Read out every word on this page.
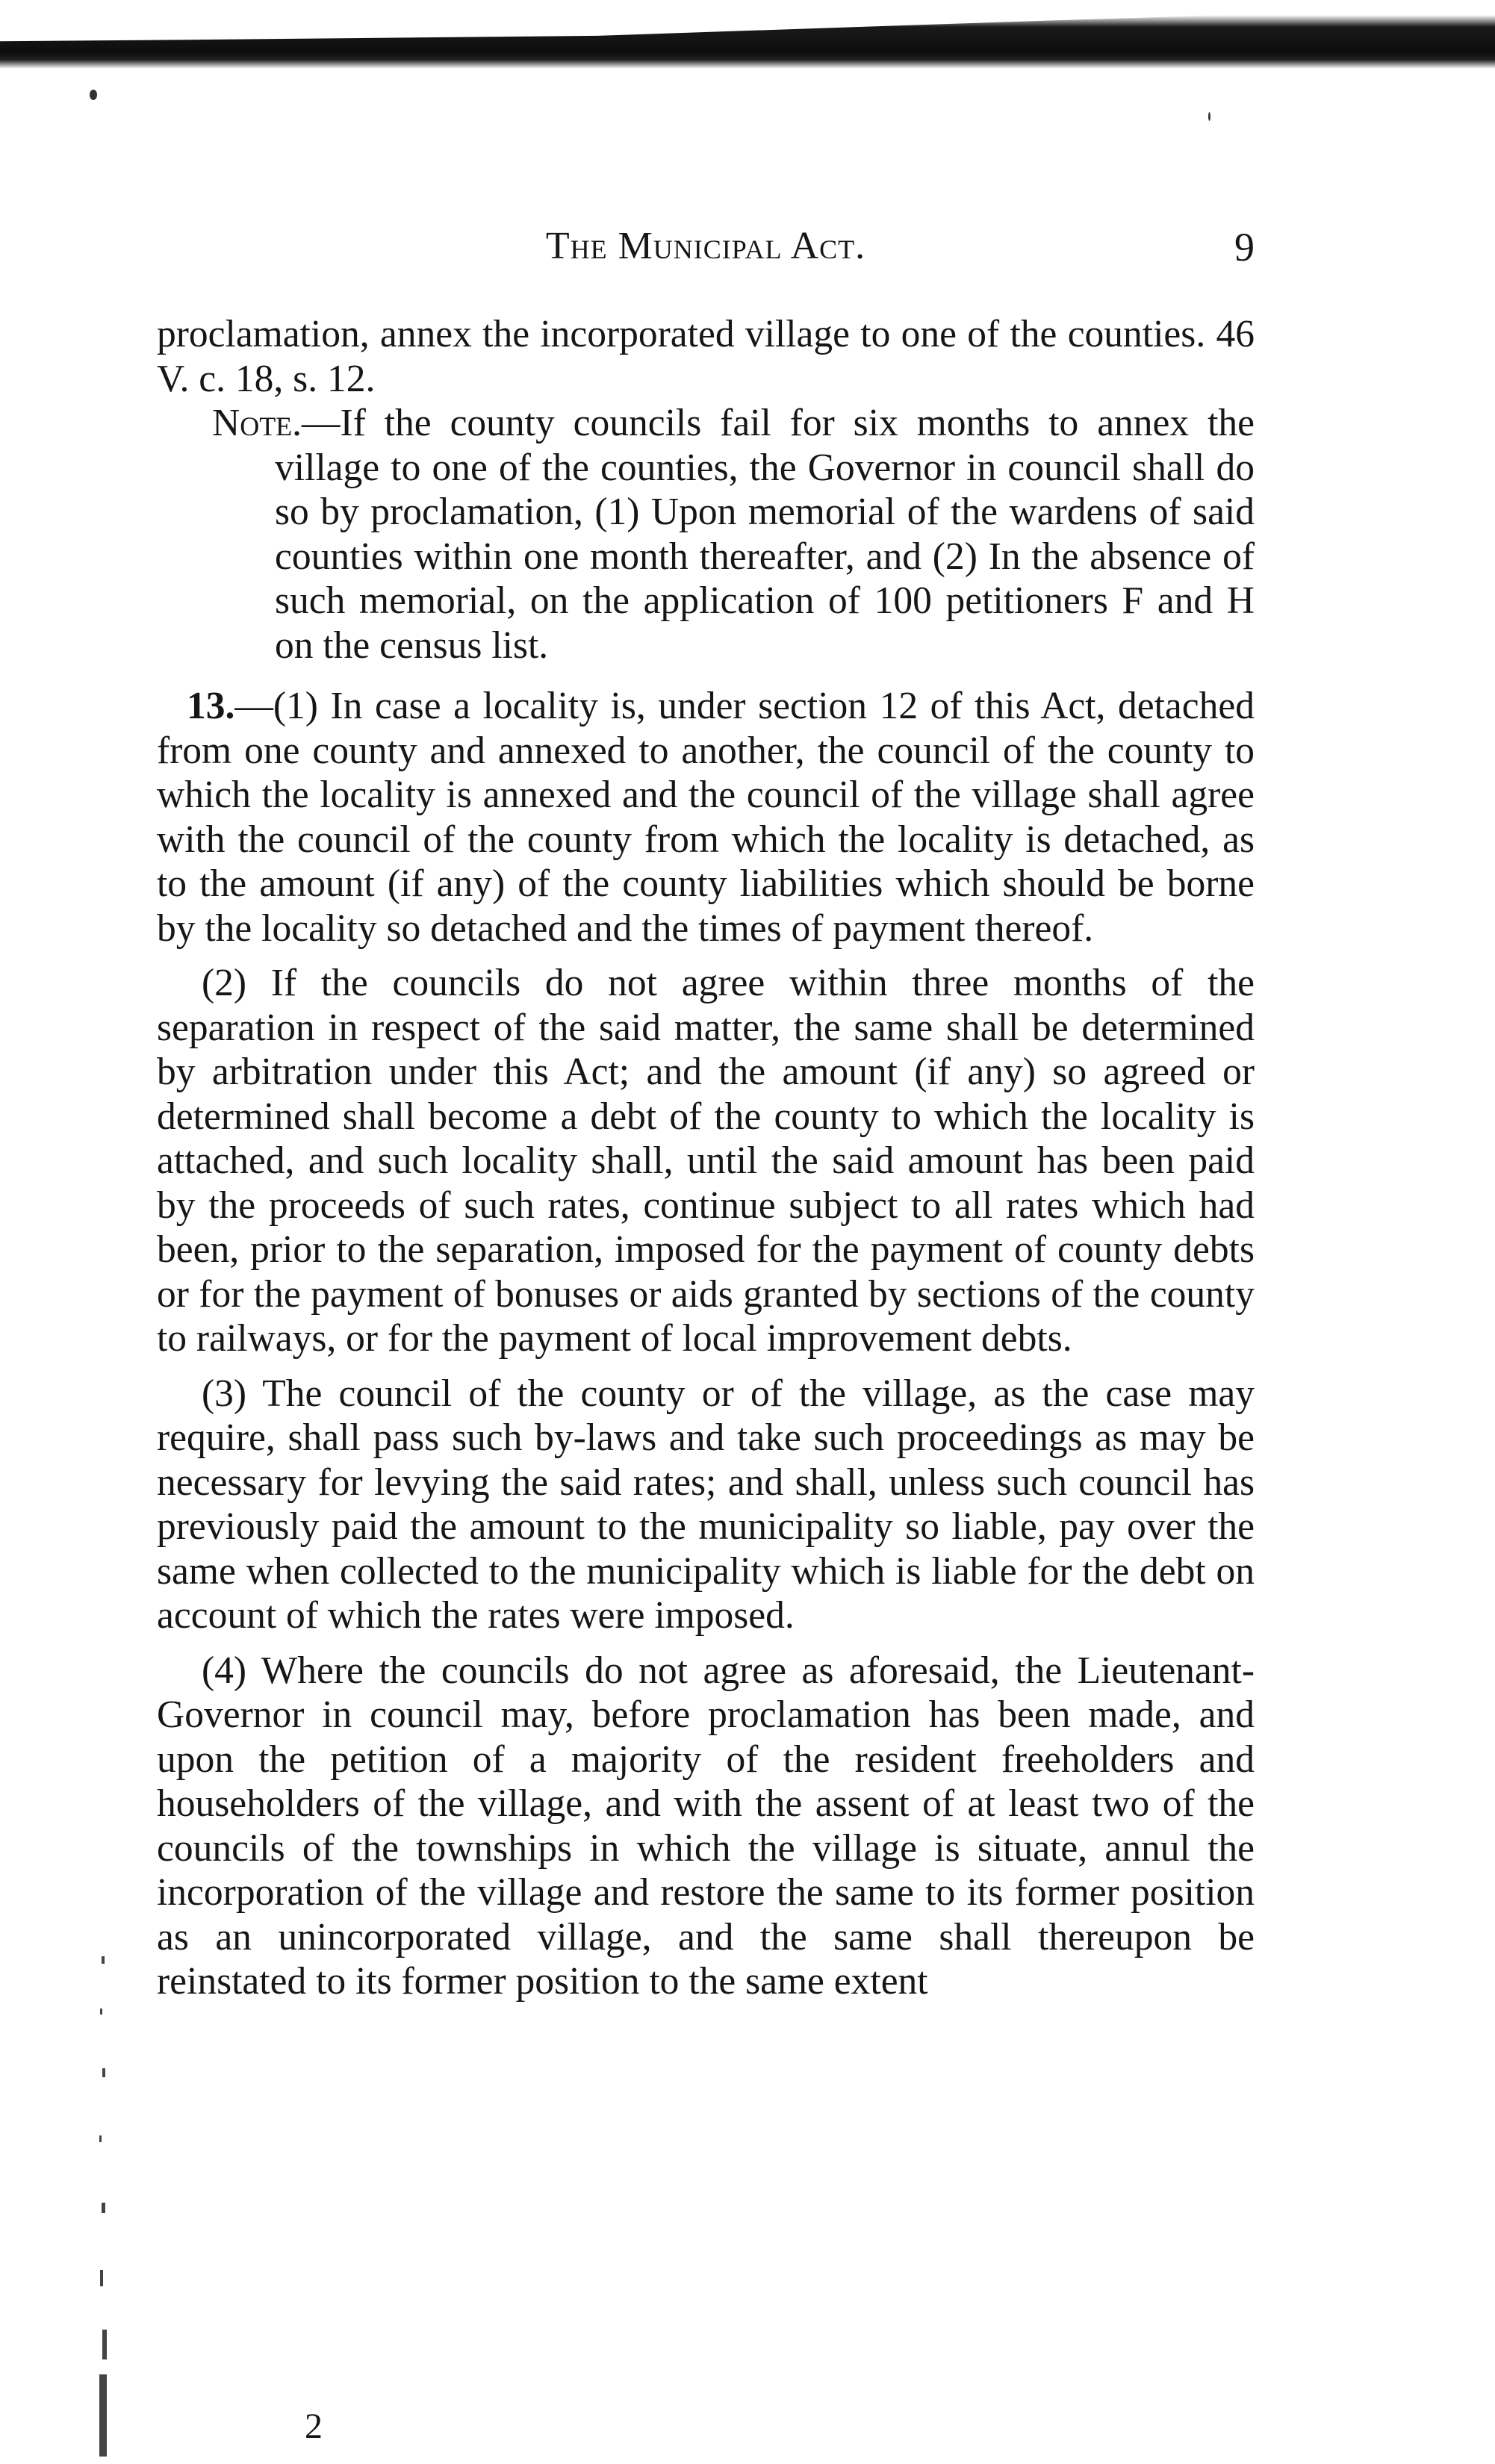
The Municipal Act.	9

proclamation, annex the incorporated village to one of the counties. 46 V. c. 18, s. 12.

Note.—If the county councils fail for six months to annex the village to one of the counties, the Governor in council shall do so by proclamation, (1) Upon memorial of the wardens of said counties within one month thereafter, and (2) In the absence of such memorial, on the application of 100 petitioners F and H on the census list.

13.—(1) In case a locality is, under section 12 of this Act, detached from one county and annexed to another, the council of the county to which the locality is annexed and the council of the village shall agree with the council of the county from which the locality is detached, as to the amount (if any) of the county liabilities which should be borne by the locality so detached and the times of payment thereof.

(2) If the councils do not agree within three months of the separation in respect of the said matter, the same shall be determined by arbitration under this Act; and the amount (if any) so agreed or determined shall become a debt of the county to which the locality is attached, and such locality shall, until the said amount has been paid by the proceeds of such rates, continue subject to all rates which had been, prior to the separation, imposed for the payment of county debts or for the payment of bonuses or aids granted by sections of the county to railways, or for the payment of local improvement debts.

(3) The council of the county or of the village, as the case may require, shall pass such by-laws and take such proceedings as may be necessary for levying the said rates; and shall, unless such council has previously paid the amount to the municipality so liable, pay over the same when collected to the municipality which is liable for the debt on account of which the rates were imposed.

(4) Where the councils do not agree as aforesaid, the Lieutenant-Governor in council may, before proclamation has been made, and upon the petition of a majority of the resident freeholders and householders of the village, and with the assent of at least two of the councils of the townships in which the village is situate, annul the incorporation of the village and restore the same to its former position as an unincorporated village, and the same shall thereupon be reinstated to its former position to the same extent

2
